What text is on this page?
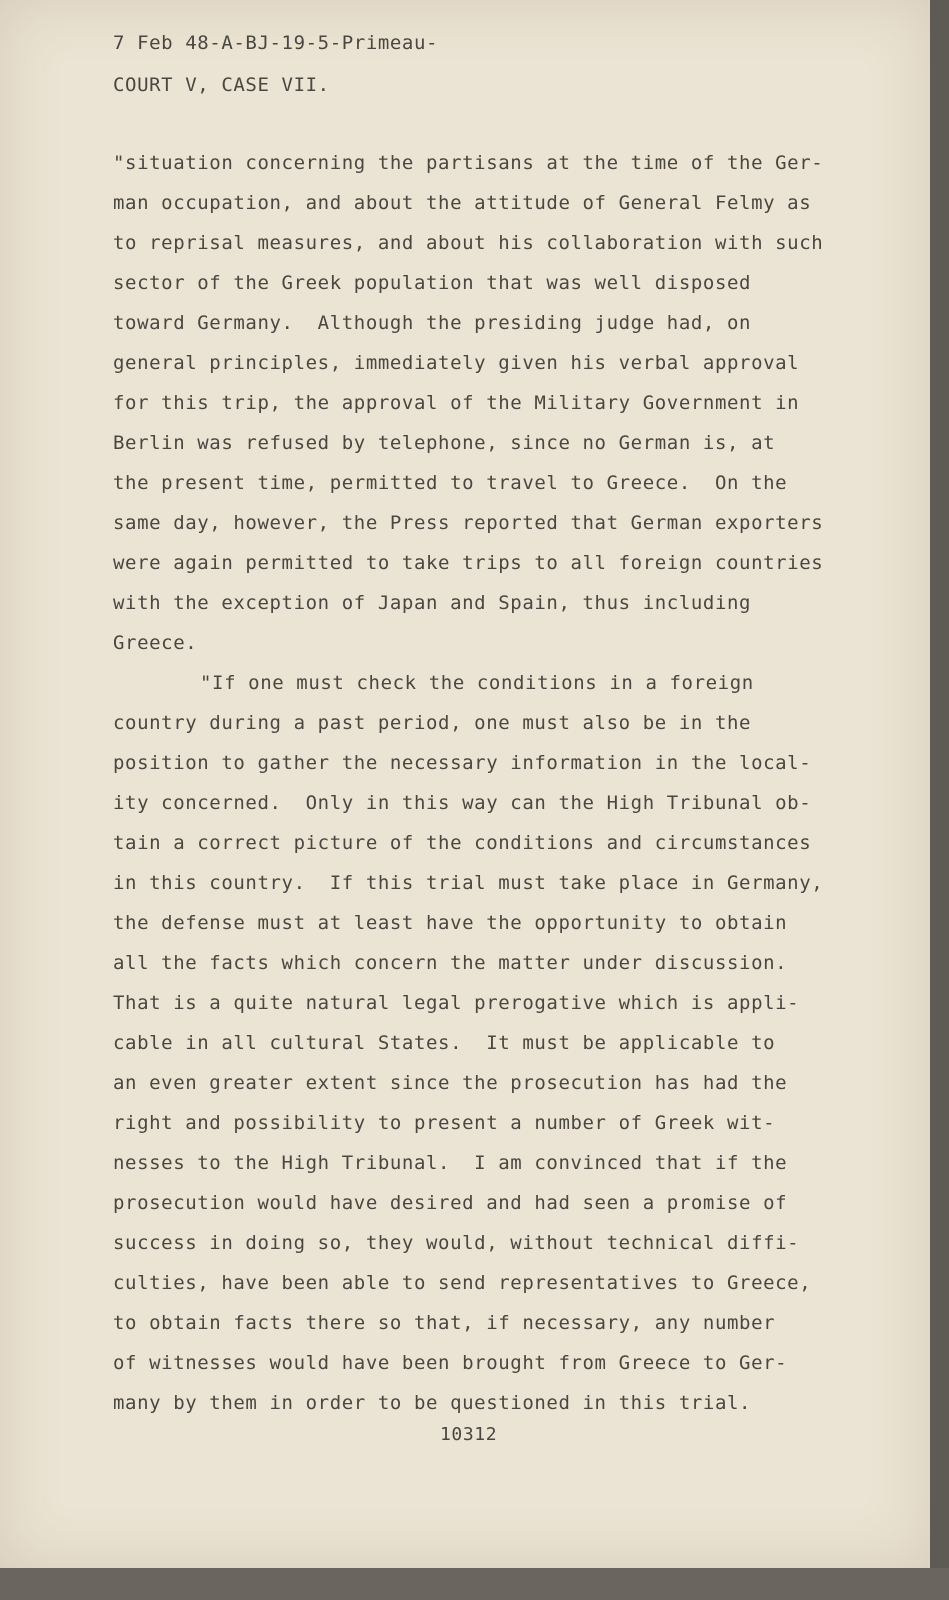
7 Feb 48-A-BJ-19-5-Primeau-

COURT V, CASE VII.

"situation concerning the partisans at the time of the Ger-

man occupation, and about the attitude of General Felmy as

to reprisal measures, and about his collaboration with such

sector of the Greek population that was well disposed

toward Germany.  Although the presiding judge had, on

general principles, immediately given his verbal approval

for this trip, the approval of the Military Government in

Berlin was refused by telephone, since no German is, at

the present time, permitted to travel to Greece.  On the

same day, however, the Press reported that German exporters

were again permitted to take trips to all foreign countries

with the exception of Japan and Spain, thus including

Greece.

"If one must check the conditions in a foreign

country during a past period, one must also be in the

position to gather the necessary information in the local-

ity concerned.  Only in this way can the High Tribunal ob-

tain a correct picture of the conditions and circumstances

in this country.  If this trial must take place in Germany,

the defense must at least have the opportunity to obtain

all the facts which concern the matter under discussion.

That is a quite natural legal prerogative which is appli-

cable in all cultural States.  It must be applicable to

an even greater extent since the prosecution has had the

right and possibility to present a number of Greek wit-

nesses to the High Tribunal.  I am convinced that if the

prosecution would have desired and had seen a promise of

success in doing so, they would, without technical diffi-

culties, have been able to send representatives to Greece,

to obtain facts there so that, if necessary, any number

of witnesses would have been brought from Greece to Ger-

many by them in order to be questioned in this trial.

10312
